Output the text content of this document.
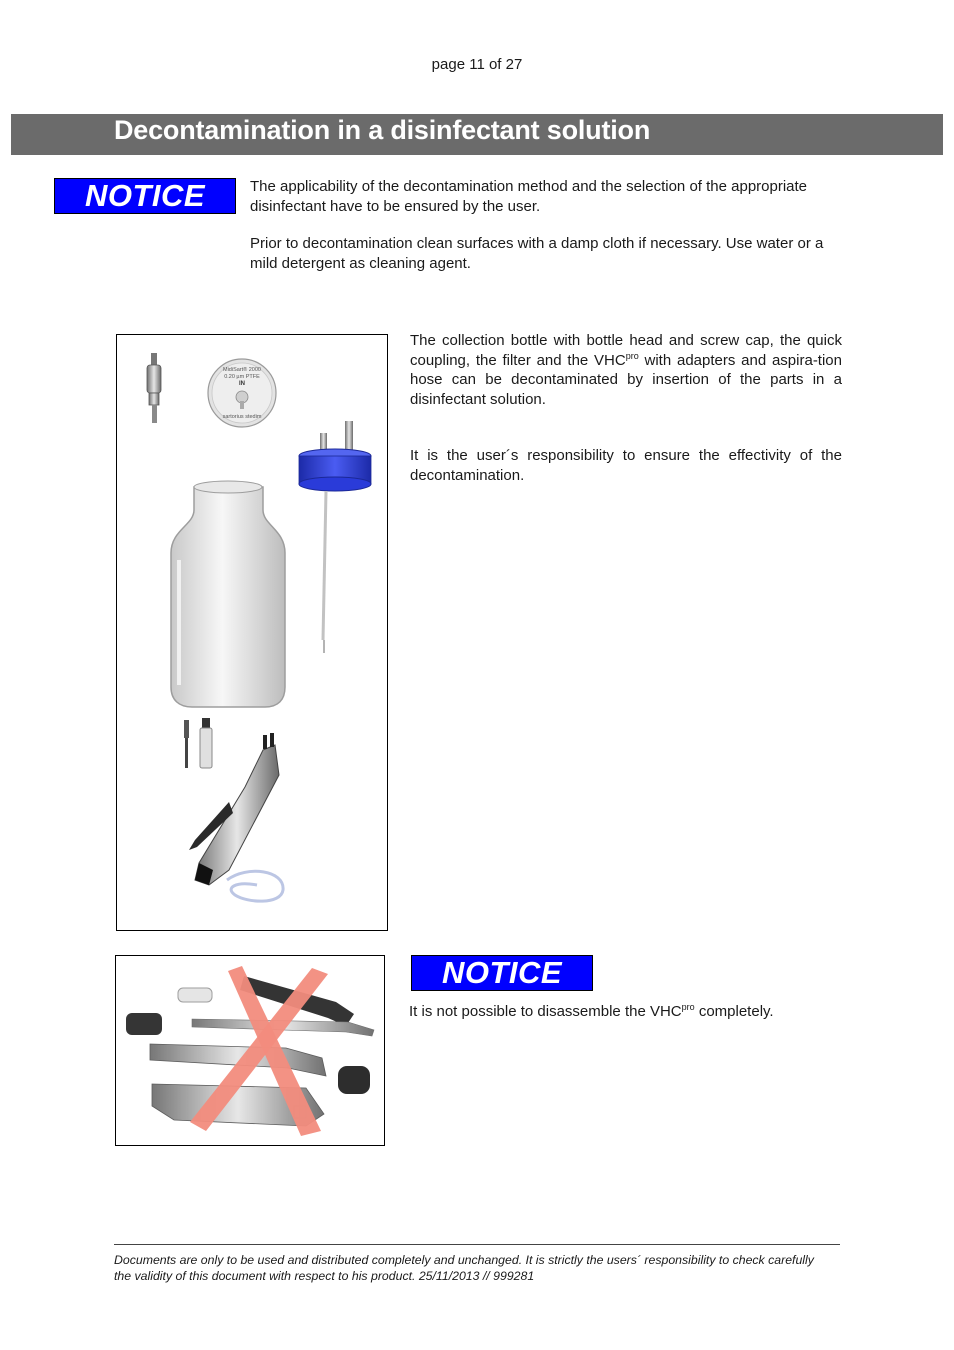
page 11 of 27
Decontamination in a disinfectant solution
NOTICE	The applicability of the decontamination method and the selection of the appropriate disinfectant have to be ensured by the user.

Prior to decontamination clean surfaces with a damp cloth if necessary. Use water or a mild detergent as cleaning agent.

MidiSart® 2000
0.20 µm PTFE
IN
sartorius stedim

The collection bottle with bottle head and screw cap, the quick coupling, the filter and the $VHC^{pro}$ with adapters and aspira-tion hose can be decontaminated by insertion of the parts in a disinfectant solution.

It is the user´s responsibility to ensure the effectivity of the decontamination.

NOTICE

It is not possible to disassemble the $VHC^{pro}$ completely.

Documents are only to be used and distributed completely and unchanged. It is strictly the users´ responsibility to check carefully
the validity of this document with respect to his product. 25/11/2013 // 999281
